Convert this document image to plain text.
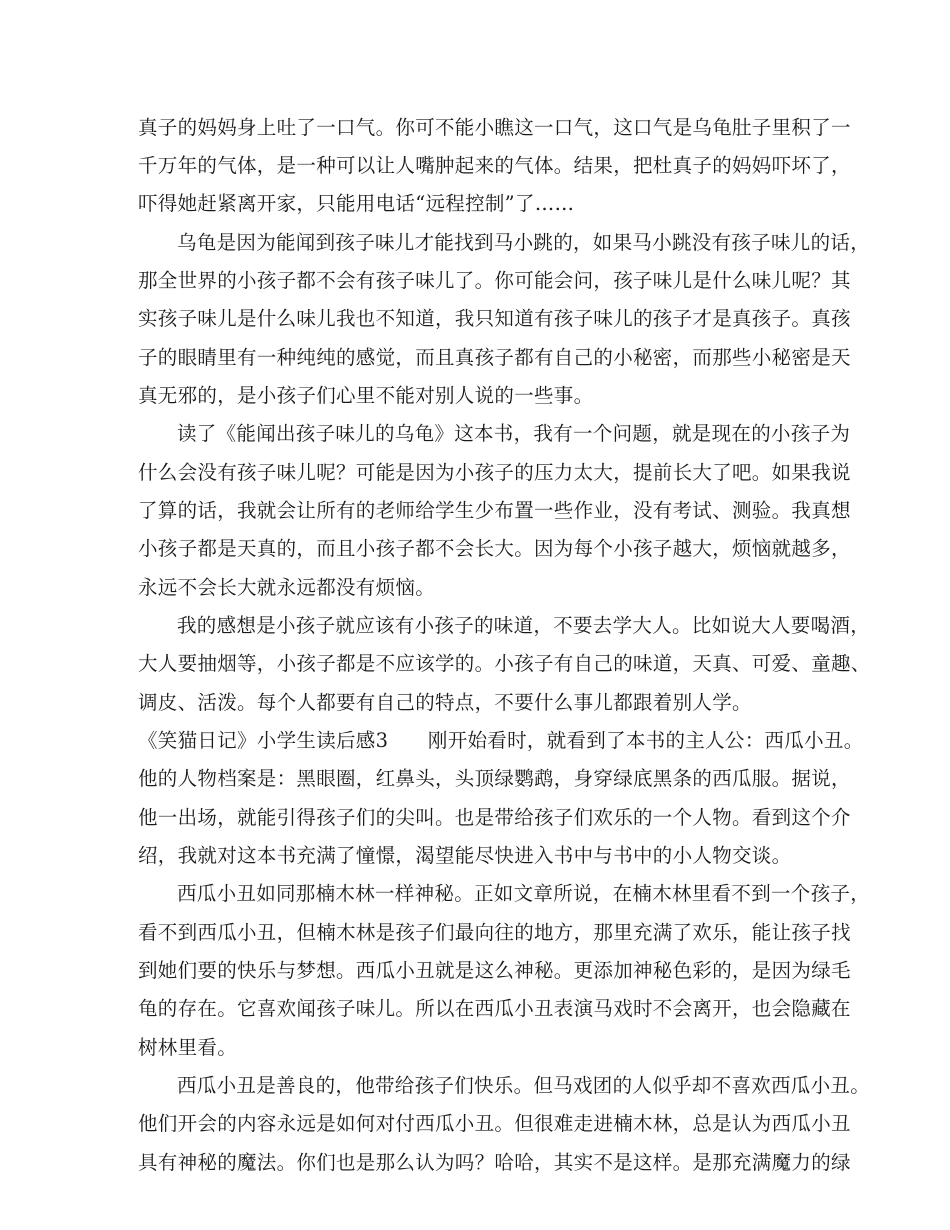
真子的妈妈身上吐了一口气。你可不能小瞧这一口气，这口气是乌龟肚子里积了一
千万年的气体，是一种可以让人嘴肿起来的气体。结果，把杜真子的妈妈吓坏了，
吓得她赶紧离开家，只能用电话“远程控制”了……
乌龟是因为能闻到孩子味儿才能找到马小跳的，如果马小跳没有孩子味儿的话，
那全世界的小孩子都不会有孩子味儿了。你可能会问，孩子味儿是什么味儿呢？其
实孩子味儿是什么味儿我也不知道，我只知道有孩子味儿的孩子才是真孩子。真孩
子的眼睛里有一种纯纯的感觉，而且真孩子都有自己的小秘密，而那些小秘密是天
真无邪的，是小孩子们心里不能对别人说的一些事。
读了《能闻出孩子味儿的乌龟》这本书，我有一个问题，就是现在的小孩子为
什么会没有孩子味儿呢？可能是因为小孩子的压力太大，提前长大了吧。如果我说
了算的话，我就会让所有的老师给学生少布置一些作业，没有考试、测验。我真想
小孩子都是天真的，而且小孩子都不会长大。因为每个小孩子越大，烦恼就越多，
永远不会长大就永远都没有烦恼。
我的感想是小孩子就应该有小孩子的味道，不要去学大人。比如说大人要喝酒，
大人要抽烟等，小孩子都是不应该学的。小孩子有自己的味道，天真、可爱、童趣、
调皮、活泼。每个人都要有自己的特点，不要什么事儿都跟着别人学。
《笑猫日记》小学生读后感3　　刚开始看时，就看到了本书的主人公：西瓜小丑。
他的人物档案是：黑眼圈，红鼻头，头顶绿鹦鹉，身穿绿底黑条的西瓜服。据说，
他一出场，就能引得孩子们的尖叫。也是带给孩子们欢乐的一个人物。看到这个介
绍，我就对这本书充满了憧憬，渴望能尽快进入书中与书中的小人物交谈。
西瓜小丑如同那楠木林一样神秘。正如文章所说，在楠木林里看不到一个孩子，
看不到西瓜小丑，但楠木林是孩子们最向往的地方，那里充满了欢乐，能让孩子找
到她们要的快乐与梦想。西瓜小丑就是这么神秘。更添加神秘色彩的，是因为绿毛
龟的存在。它喜欢闻孩子味儿。所以在西瓜小丑表演马戏时不会离开，也会隐藏在
树林里看。
西瓜小丑是善良的，他带给孩子们快乐。但马戏团的人似乎却不喜欢西瓜小丑。
他们开会的内容永远是如何对付西瓜小丑。但很难走进楠木林，总是认为西瓜小丑
具有神秘的魔法。你们也是那么认为吗？哈哈，其实不是这样。是那充满魔力的绿
